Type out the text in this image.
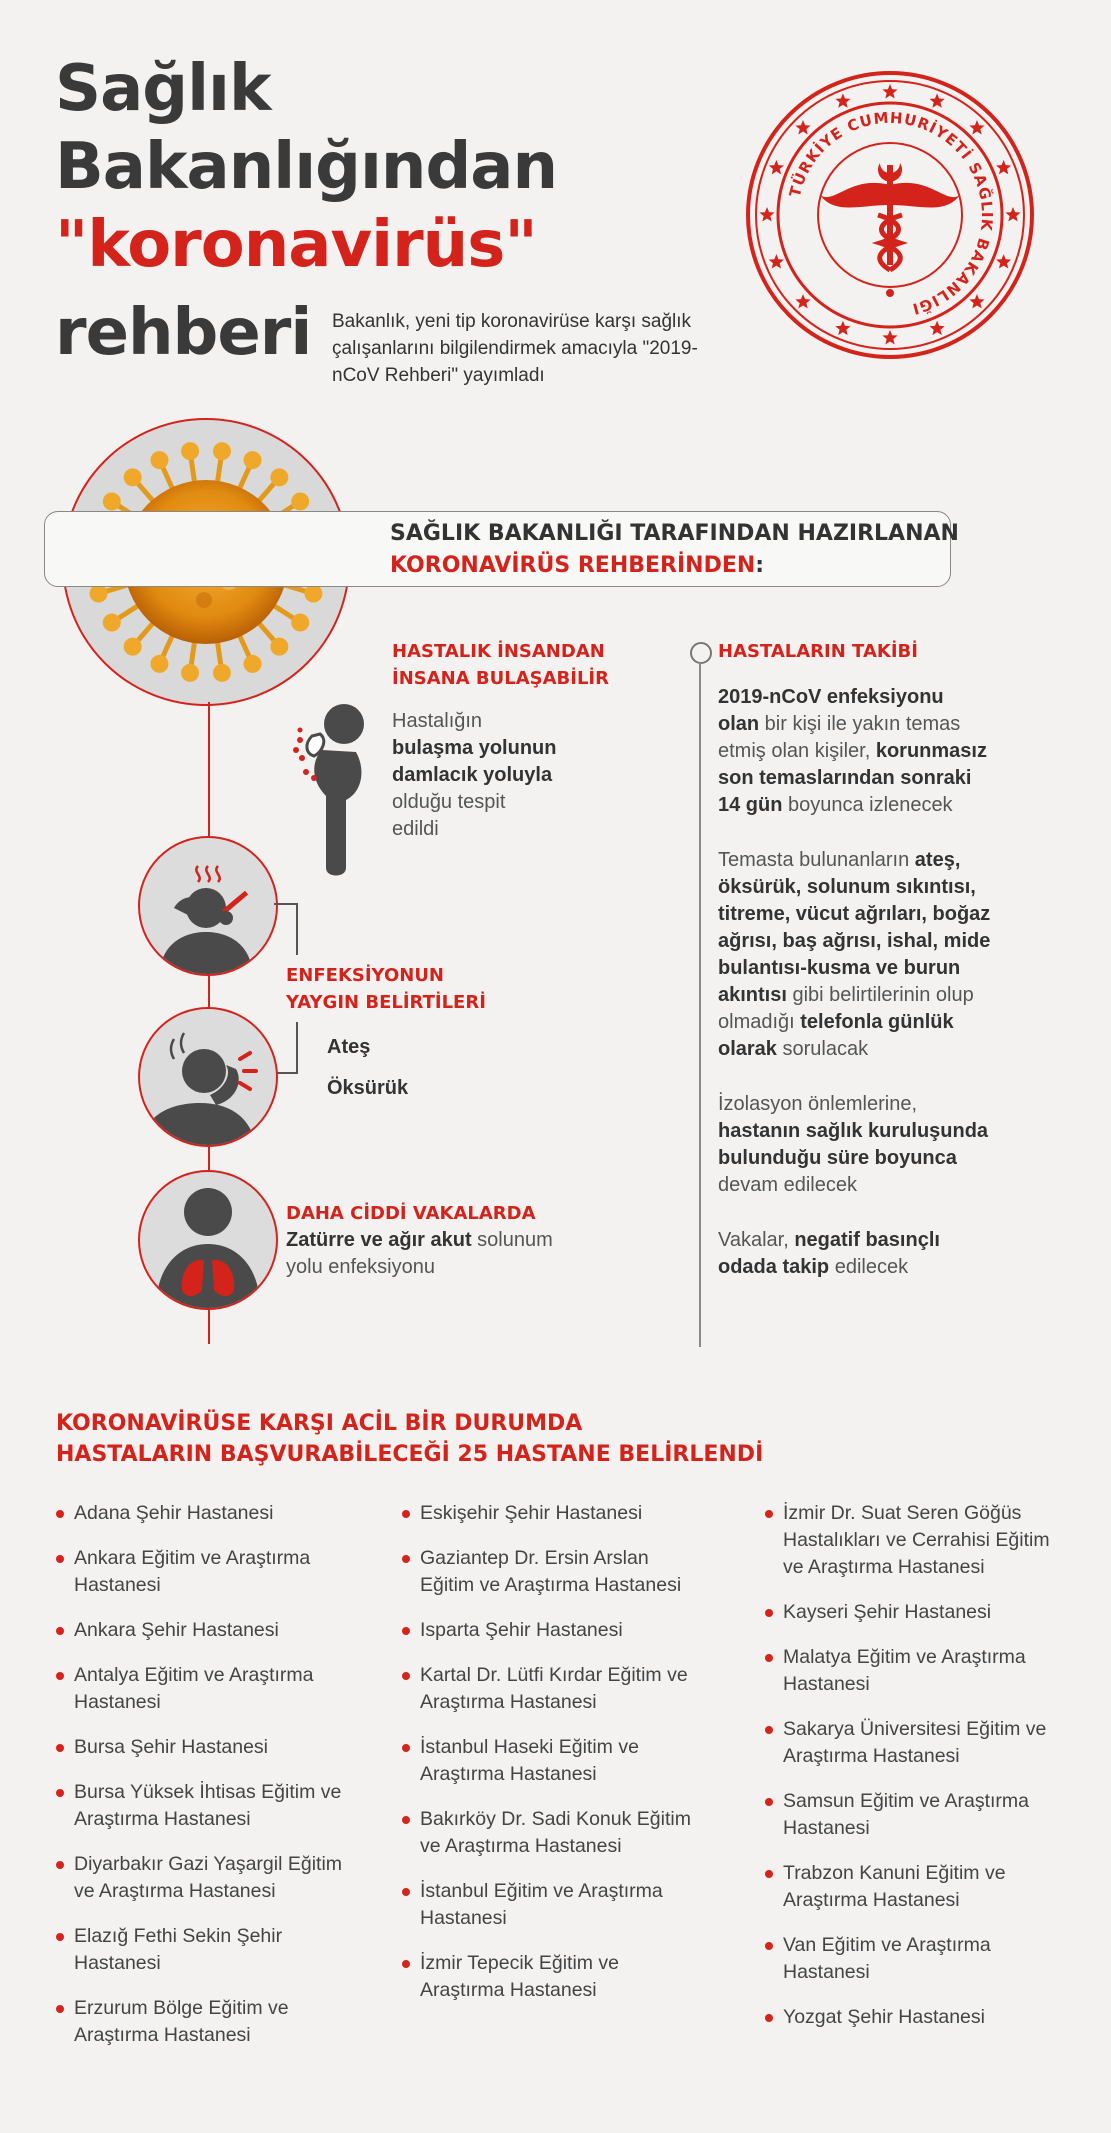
Sağlık
Bakanlığından
"koronavirüs"
rehberi Bakanlık, yeni tip koronavirüse karşı sağlık çalışanlarını bilgilendirmek amacıyla "2019-nCoV Rehberi" yayımladı
TÜRKİYE CUMHURİYETİ SAĞLIK BAKANLIĞI
SAĞLIK BAKANLIĞI TARAFINDAN HAZIRLANAN
KORONAVİRÜS REHBERİNDEN:
HASTALIK İNSANDAN
İNSANA BULAŞABİLİR
Hastalığın
bulaşma yolunun
damlacık yoluyla
olduğu tespit
edildi
ENFEKSİYONUN
YAYGIN BELİRTİLERİ
Ateş
Öksürük
DAHA CİDDİ VAKALARDA
Zatürre ve ağır akut solunum
yolu enfeksiyonu
HASTALARIN TAKİBİ
2019-nCoV enfeksiyonu
olan bir kişi ile yakın temas
etmiş olan kişiler, korunmasız
son temaslarından sonraki
14 gün boyunca izlenecek
Temasta bulunanların ateş,
öksürük, solunum sıkıntısı,
titreme, vücut ağrıları, boğaz
ağrısı, baş ağrısı, ishal, mide
bulantısı-kusma ve burun
akıntısı gibi belirtilerinin olup
olmadığı telefonla günlük
olarak sorulacak
İzolasyon önlemlerine,
hastanın sağlık kuruluşunda
bulunduğu süre boyunca
devam edilecek
Vakalar, negatif basınçlı
odada takip edilecek
KORONAVİRÜSE KARŞI ACİL BİR DURUMDA
HASTALARIN BAŞVURABİLECEĞİ 25 HASTANE BELİRLENDİ
Adana Şehir Hastanesi
Ankara Eğitim ve Araştırma Hastanesi
Ankara Şehir Hastanesi
Antalya Eğitim ve Araştırma Hastanesi
Bursa Şehir Hastanesi
Bursa Yüksek İhtisas Eğitim ve Araştırma Hastanesi
Diyarbakır Gazi Yaşargil Eğitim ve Araştırma Hastanesi
Elazığ Fethi Sekin Şehir Hastanesi
Erzurum Bölge Eğitim ve Araştırma Hastanesi
Eskişehir Şehir Hastanesi
Gaziantep Dr. Ersin Arslan Eğitim ve Araştırma Hastanesi
Isparta Şehir Hastanesi
Kartal Dr. Lütfi Kırdar Eğitim ve Araştırma Hastanesi
İstanbul Haseki Eğitim ve Araştırma Hastanesi
Bakırköy Dr. Sadi Konuk Eğitim ve Araştırma Hastanesi
İstanbul Eğitim ve Araştırma Hastanesi
İzmir Tepecik Eğitim ve Araştırma Hastanesi
İzmir Dr. Suat Seren Göğüs Hastalıkları ve Cerrahisi Eğitim ve Araştırma Hastanesi
Kayseri Şehir Hastanesi
Malatya Eğitim ve Araştırma Hastanesi
Sakarya Üniversitesi Eğitim ve Araştırma Hastanesi
Samsun Eğitim ve Araştırma Hastanesi
Trabzon Kanuni Eğitim ve Araştırma Hastanesi
Van Eğitim ve Araştırma Hastanesi
Yozgat Şehir Hastanesi
